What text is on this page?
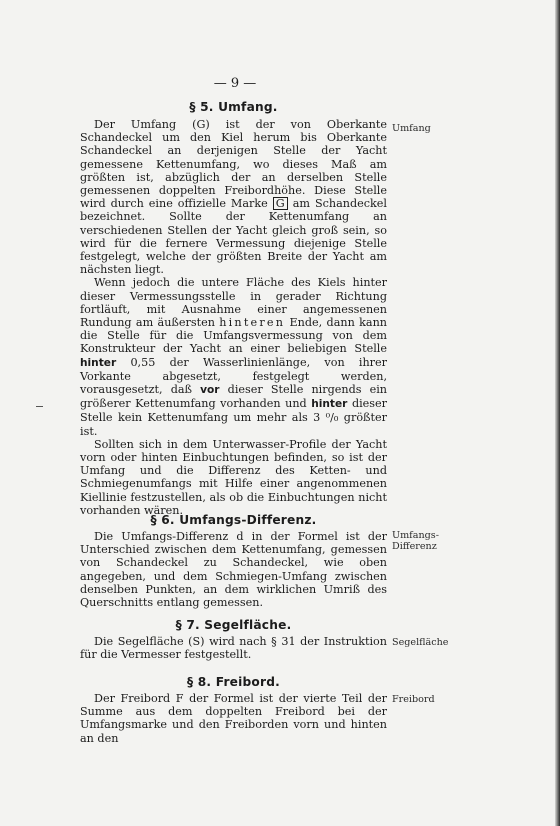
— 9 —
§ 5. Umfang.

Der Umfang (G) ist der von Oberkante Schandeckel um den Kiel herum bis Oberkante Schandeckel an derjenigen Stelle der Yacht gemessene Kettenumfang, wo dieses Maß am größten ist, abzüglich der an derselben Stelle gemessenen doppelten Freibordhöhe. Diese Stelle wird durch eine offizielle Marke G am Schandeckel bezeichnet. Sollte der Kettenumfang an verschiedenen Stellen der Yacht gleich groß sein, so wird für die fernere Vermessung diejenige Stelle festgelegt, welche der größten Breite der Yacht am nächsten liegt.

Wenn jedoch die untere Fläche des Kiels hinter dieser Vermessungsstelle in gerader Richtung fortläuft, mit Ausnahme einer angemessenen Rundung am äußersten hinteren Ende, dann kann die Stelle für die Umfangsvermessung von dem Konstrukteur der Yacht an einer beliebigen Stelle hinter 0,55 der Wasserlinienlänge, von ihrer Vorkante abgesetzt, festgelegt werden, vorausgesetzt, daß vor dieser Stelle nirgends ein größerer Kettenumfang vorhanden und hinter dieser Stelle kein Kettenumfang um mehr als 3 ⁰/₀ größter ist.

Sollten sich in dem Unterwasser-Profile der Yacht vorn oder hinten Einbuchtungen befinden, so ist der Umfang und die Differenz des Ketten- und Schmiegenumfangs mit Hilfe einer angenommenen Kiellinie festzustellen, als ob die Einbuchtungen nicht vorhanden wären.

Umfang
§ 6. Umfangs-Differenz.

Die Umfangs-Differenz d in der Formel ist der Unterschied zwischen dem Kettenumfang, gemessen von Schandeckel zu Schandeckel, wie oben angegeben, und dem Schmiegen-Umfang zwischen denselben Punkten, an dem wirklichen Umriß des Querschnitts entlang gemessen.

Umfangs-Differenz
§ 7. Segelfläche.

Die Segelfläche (S) wird nach § 31 der Instruktion für die Vermesser festgestellt.

Segelfläche
§ 8. Freibord.

Der Freibord F der Formel ist der vierte Teil der Summe aus dem doppelten Freibord bei der Umfangsmarke und den Freiborden vorn und hinten an den

Freibord
